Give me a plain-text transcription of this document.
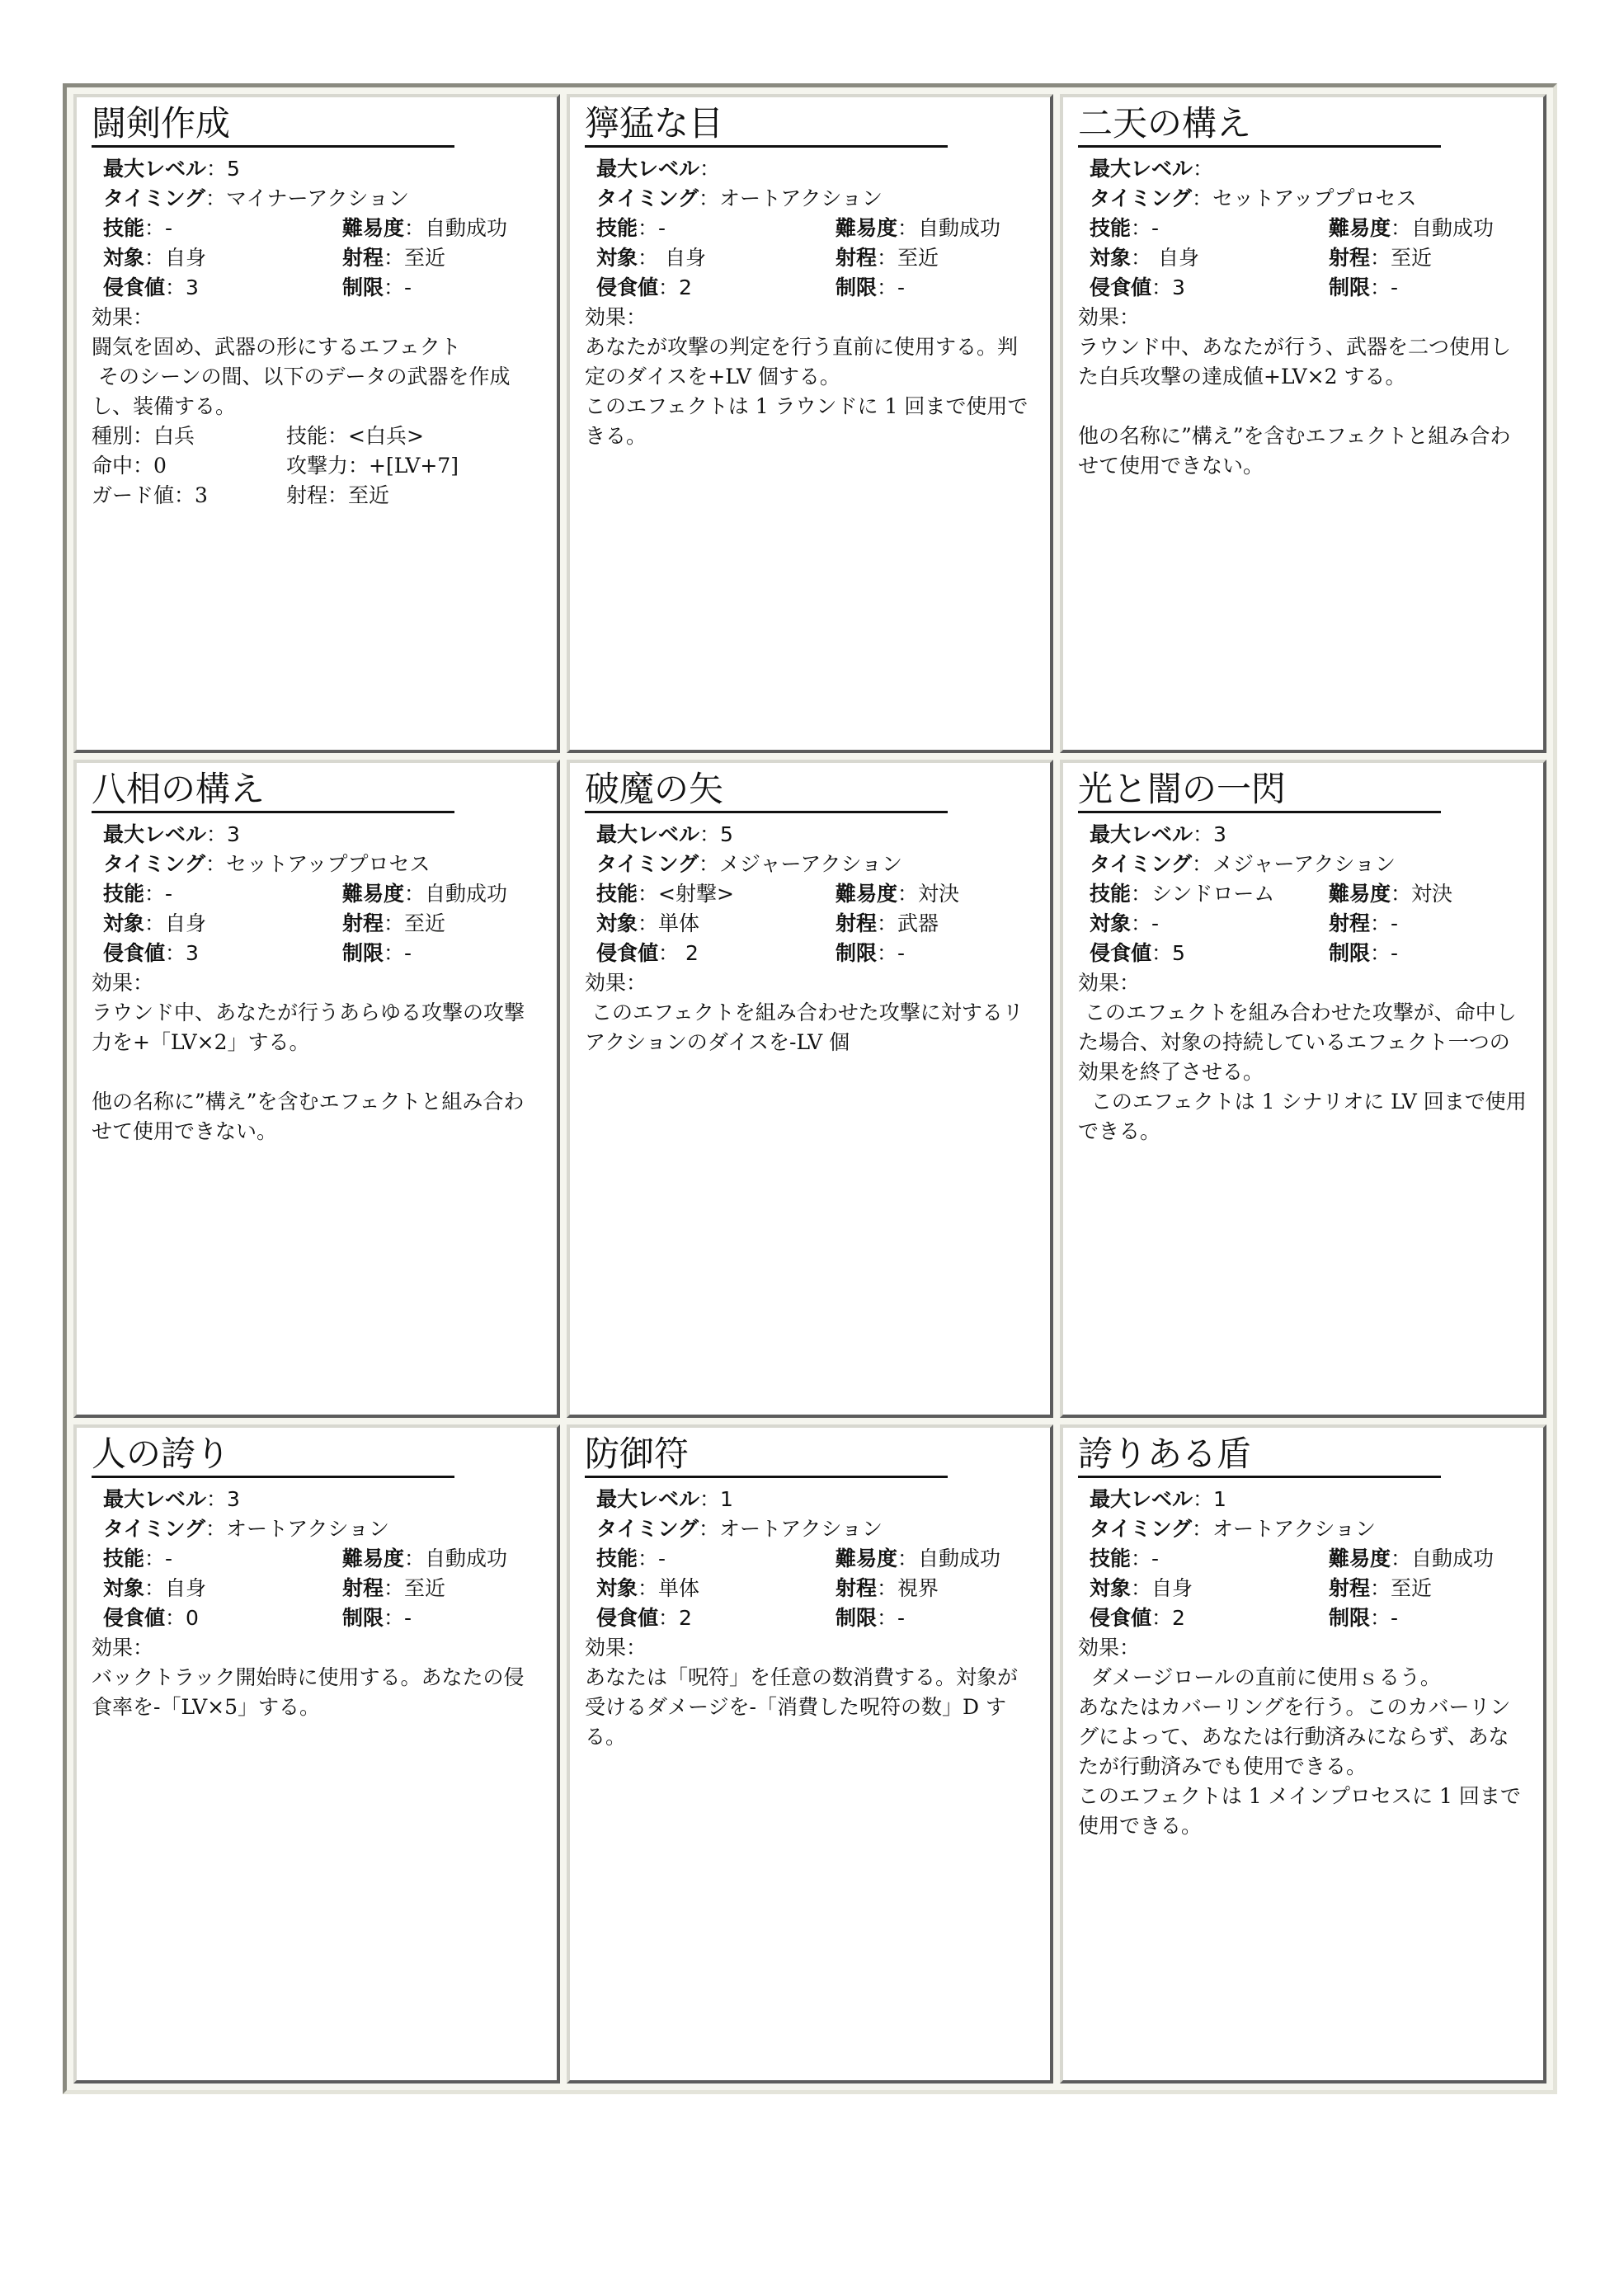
闘剣作成
最大レベル：5
タイミング：マイナーアクション
技能：-	難易度：自動成功
対象：自身	射程：至近
侵食値：3	制限：-
効果：

闘気を固め、武器の形にするエフェクト
そのシーンの間、以下のデータの武器を作成し、装備する。

種別：白兵	技能：<白兵>
命中：0	攻撃力：+[LV+7]
ガード値：3	射程：至近
獰猛な目
最大レベル：
タイミング：オートアクション
技能：-	難易度：自動成功
対象： 自身	射程：至近
侵食値：2	制限：-
効果：

あなたが攻撃の判定を行う直前に使用する。判定のダイスを+LV 個する。
このエフェクトは 1 ラウンドに 1 回まで使用できる。

二天の構え
最大レベル：
タイミング：セットアッププロセス
技能：-	難易度：自動成功
対象： 自身	射程：至近
侵食値：3	制限：-
効果：

ラウンド中、あなたが行う、武器を二つ使用した白兵攻撃の達成値+LV×2 する。

他の名称に”構え”を含むエフェクトと組み合わせて使用できない。

八相の構え
最大レベル：3
タイミング：セットアッププロセス
技能：-	難易度：自動成功
対象：自身	射程：至近
侵食値：3	制限：-
効果：

ラウンド中、あなたが行うあらゆる攻撃の攻撃力を+「LV×2」する。

他の名称に”構え”を含むエフェクトと組み合わせて使用できない。

破魔の矢
最大レベル：5
タイミング：メジャーアクション
技能：<射撃>	難易度：対決
対象：単体	射程：武器
侵食値： 2	制限：-
効果：

このエフェクトを組み合わせた攻撃に対するリアクションのダイスを-LV 個

光と闇の一閃
最大レベル：3
タイミング：メジャーアクション
技能：シンドローム	難易度：対決
対象：-	射程：-
侵食値：5	制限：-
効果：

このエフェクトを組み合わせた攻撃が、命中した場合、対象の持続しているエフェクト一つの効果を終了させる。
このエフェクトは 1 シナリオに LV 回まで使用できる。

人の誇り
最大レベル：3
タイミング：オートアクション
技能：-	難易度：自動成功
対象：自身	射程：至近
侵食値：0	制限：-
効果：

バックトラック開始時に使用する。あなたの侵食率を-「LV×5」する。

防御符
最大レベル：1
タイミング：オートアクション
技能：-	難易度：自動成功
対象：単体	射程：視界
侵食値：2	制限：-
効果：

あなたは「呪符」を任意の数消費する。対象が受けるダメージを-「消費した呪符の数」D する。

誇りある盾
最大レベル：1
タイミング：オートアクション
技能：-	難易度：自動成功
対象：自身	射程：至近
侵食値：2	制限：-
効果：

ダメージロールの直前に使用ｓるう。
あなたはカバーリングを行う。このカバーリングによって、あなたは行動済みにならず、あなたが行動済みでも使用できる。
このエフェクトは 1 メインプロセスに 1 回まで使用できる。
